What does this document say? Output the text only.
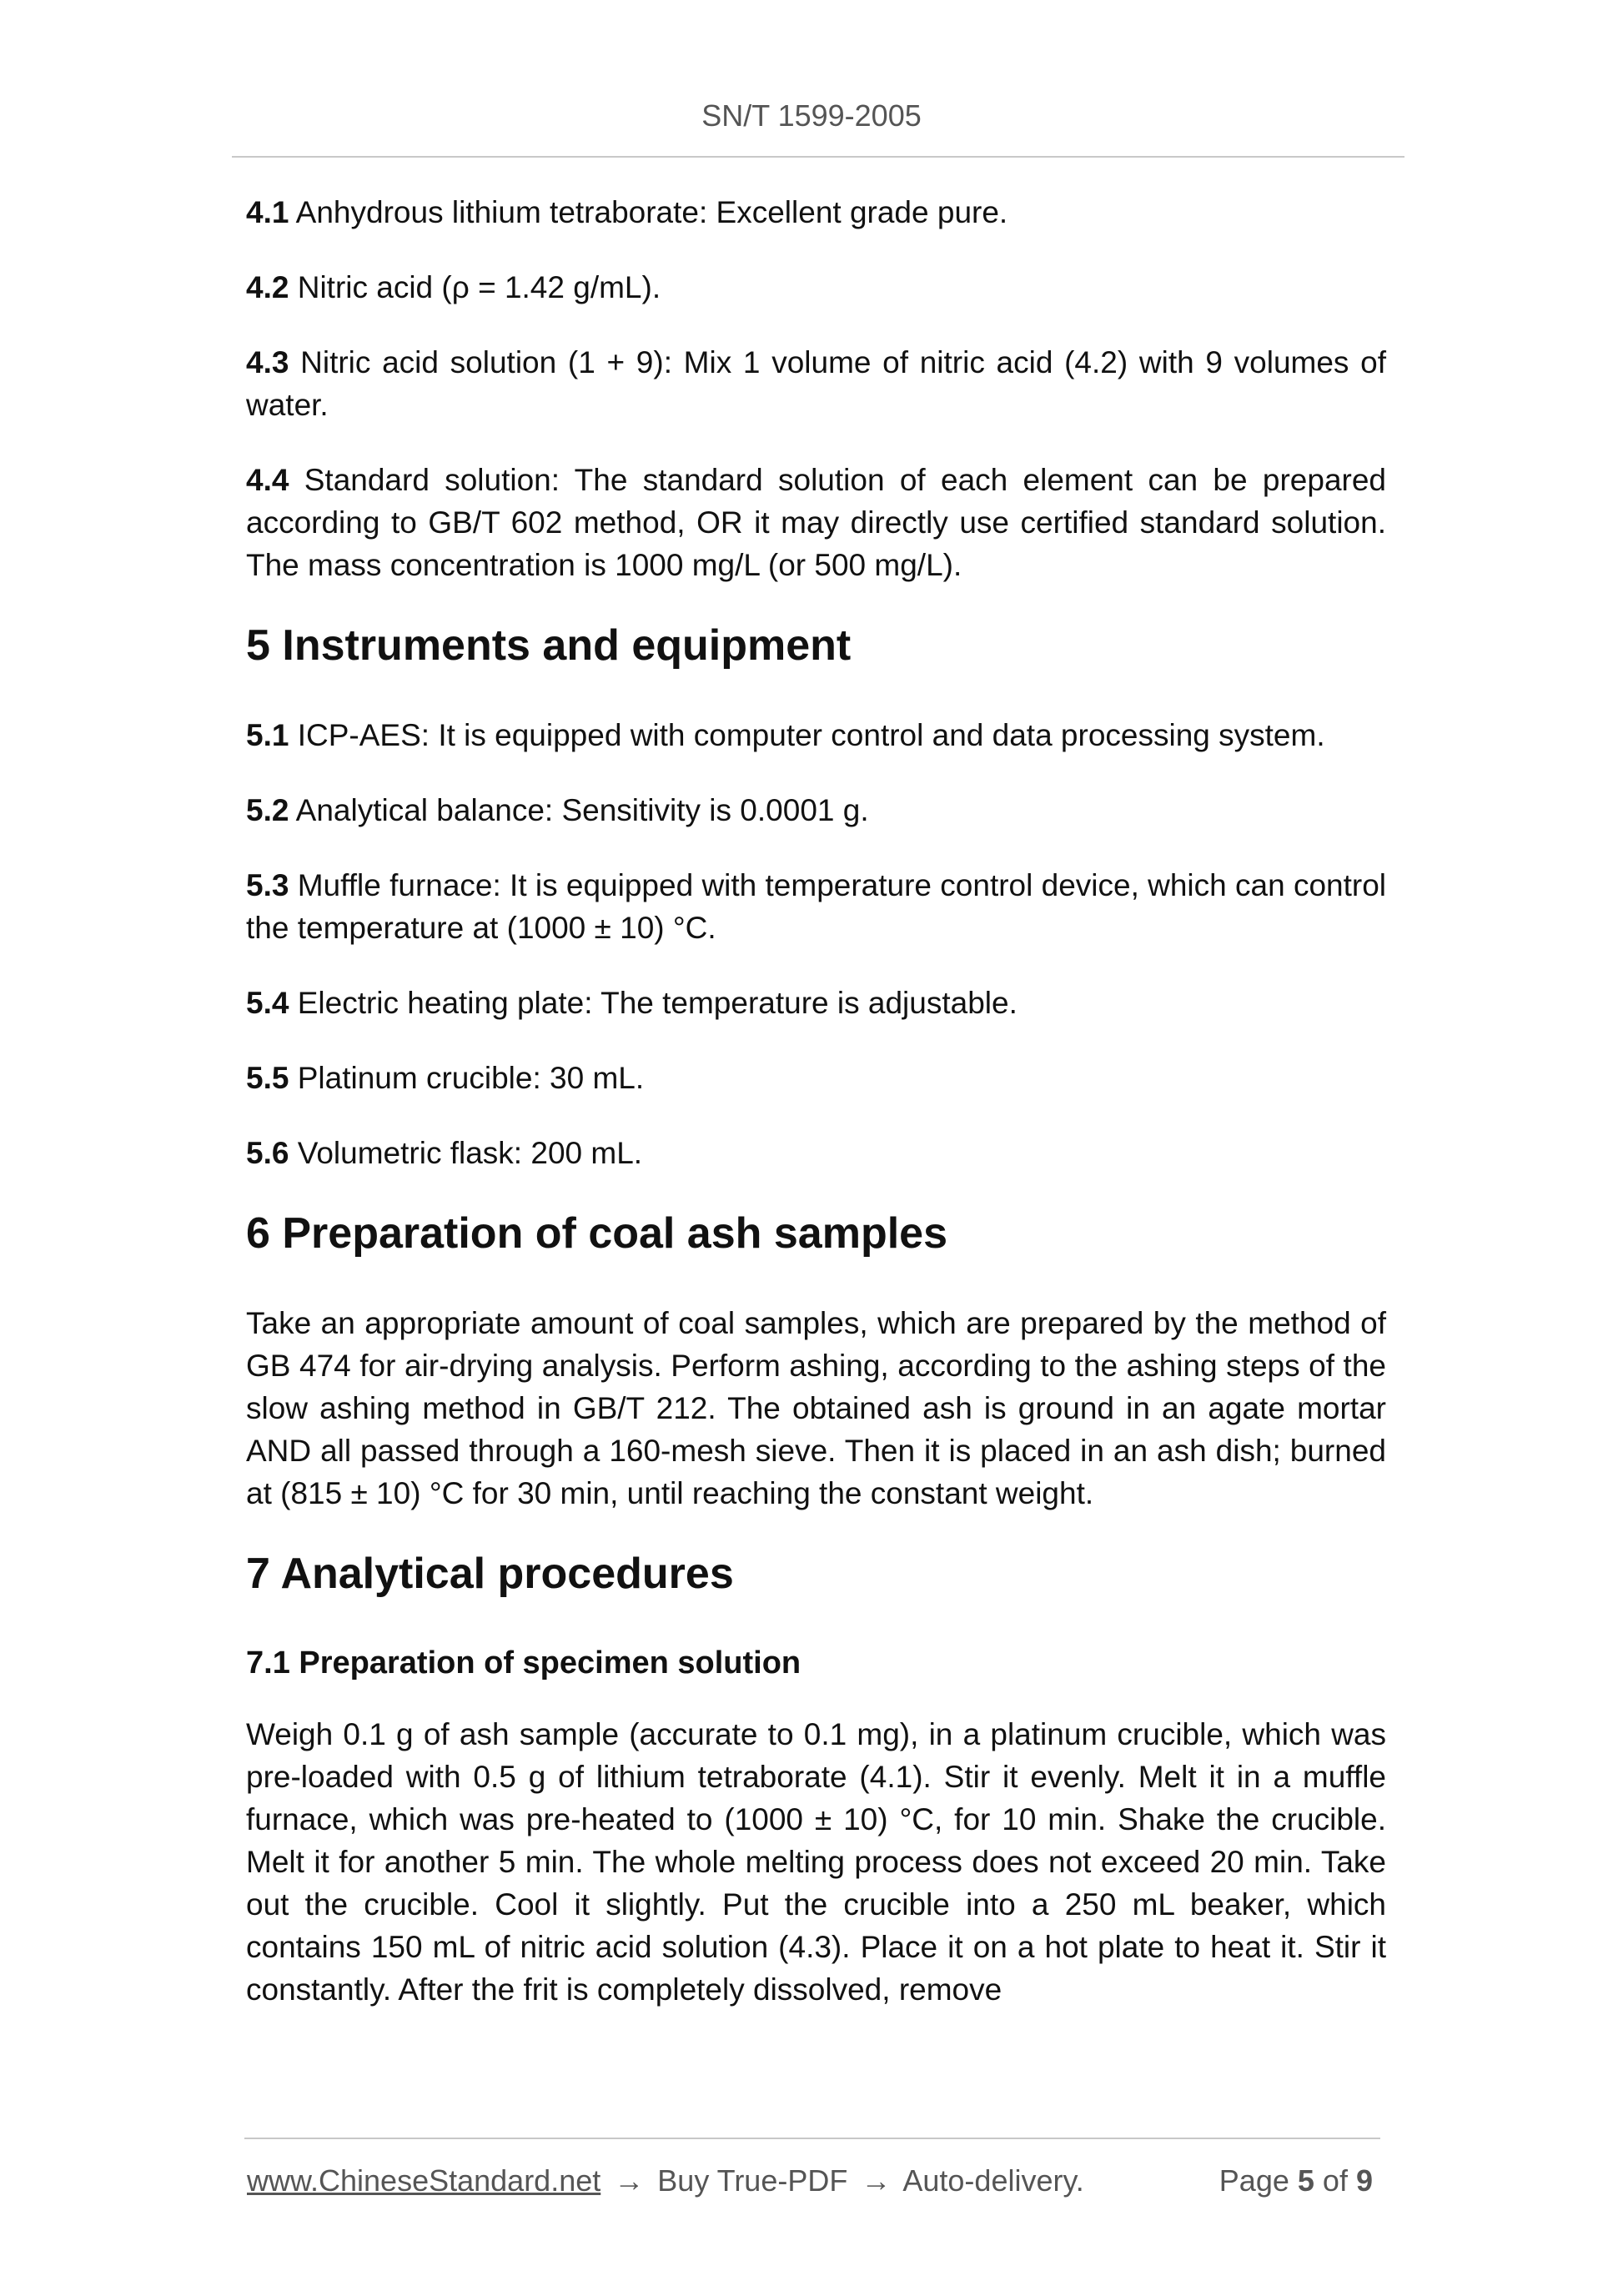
SN/T 1599-2005

4.1 Anhydrous lithium tetraborate: Excellent grade pure.

4.2 Nitric acid (ρ = 1.42 g/mL).

4.3 Nitric acid solution (1 + 9): Mix 1 volume of nitric acid (4.2) with 9 volumes of water.

4.4 Standard solution: The standard solution of each element can be prepared according to GB/T 602 method, OR it may directly use certified standard solution. The mass concentration is 1000 mg/L (or 500 mg/L).

5 Instruments and equipment

5.1 ICP-AES: It is equipped with computer control and data processing system.

5.2 Analytical balance: Sensitivity is 0.0001 g.

5.3 Muffle furnace: It is equipped with temperature control device, which can control the temperature at (1000 ± 10) °C.

5.4 Electric heating plate: The temperature is adjustable.

5.5 Platinum crucible: 30 mL.

5.6 Volumetric flask: 200 mL.

6 Preparation of coal ash samples

Take an appropriate amount of coal samples, which are prepared by the method of GB 474 for air-drying analysis. Perform ashing, according to the ashing steps of the slow ashing method in GB/T 212. The obtained ash is ground in an agate mortar AND all passed through a 160-mesh sieve. Then it is placed in an ash dish; burned at (815 ± 10) °C for 30 min, until reaching the constant weight.

7 Analytical procedures
7.1 Preparation of specimen solution

Weigh 0.1 g of ash sample (accurate to 0.1 mg), in a platinum crucible, which was pre-loaded with 0.5 g of lithium tetraborate (4.1). Stir it evenly. Melt it in a muffle furnace, which was pre-heated to (1000 ± 10) °C, for 10 min. Shake the crucible. Melt it for another 5 min. The whole melting process does not exceed 20 min. Take out the crucible. Cool it slightly. Put the crucible into a 250 mL beaker, which contains 150 mL of nitric acid solution (4.3). Place it on a hot plate to heat it. Stir it constantly. After the frit is completely dissolved, remove

www.ChineseStandard.net → Buy True-PDF → Auto-delivery.	Page 5 of 9
